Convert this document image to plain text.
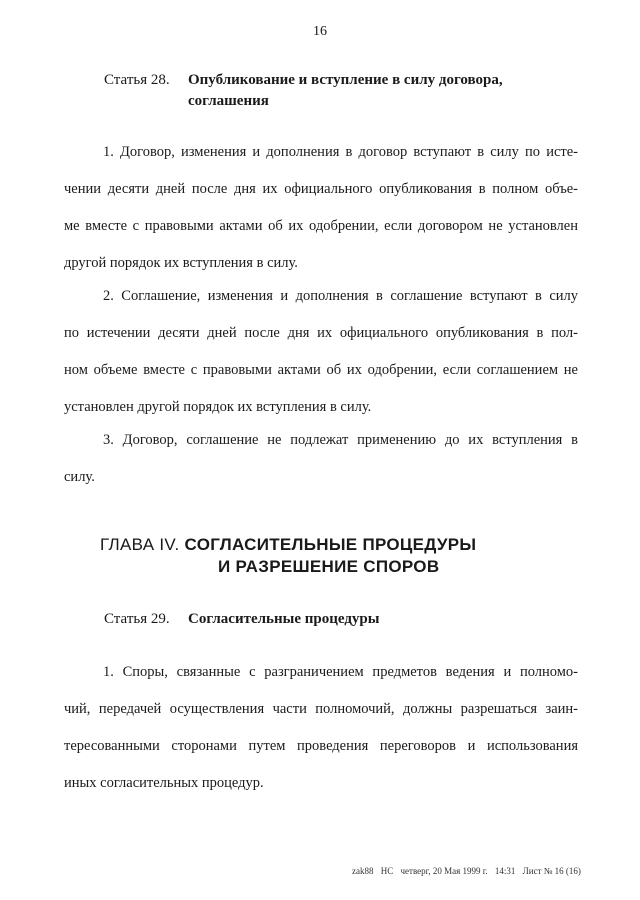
16
Статья 28. Опубликование и вступление в силу договора,
соглашения
1. Договор, изменения и дополнения в договор вступают в силу по исте-
чении десяти дней после дня их официального опубликования в полном объе-
ме вместе с правовыми актами об их одобрении, если договором не установлен
другой порядок их вступления в силу.
2. Соглашение, изменения и дополнения в соглашение вступают в силу
по истечении десяти дней после дня их официального опубликования в пол-
ном объеме вместе с правовыми актами об их одобрении, если соглашением не
установлен другой порядок их вступления в силу.
3. Договор, соглашение не подлежат применению до их вступления в
силу.
ГЛАВА IV. СОГЛАСИТЕЛЬНЫЕ ПРОЦЕДУРЫ
И РАЗРЕШЕНИЕ СПОРОВ
Статья 29. Согласительные процедуры
1. Споры, связанные с разграничением предметов ведения и полномо-
чий, передачей осуществления части полномочий, должны разрешаться заин-
тересованными сторонами путем проведения переговоров и использования
иных согласительных процедур.
zak88 НС четверг, 20 Мая 1999 г. 14:31 Лист № 16 (16)
